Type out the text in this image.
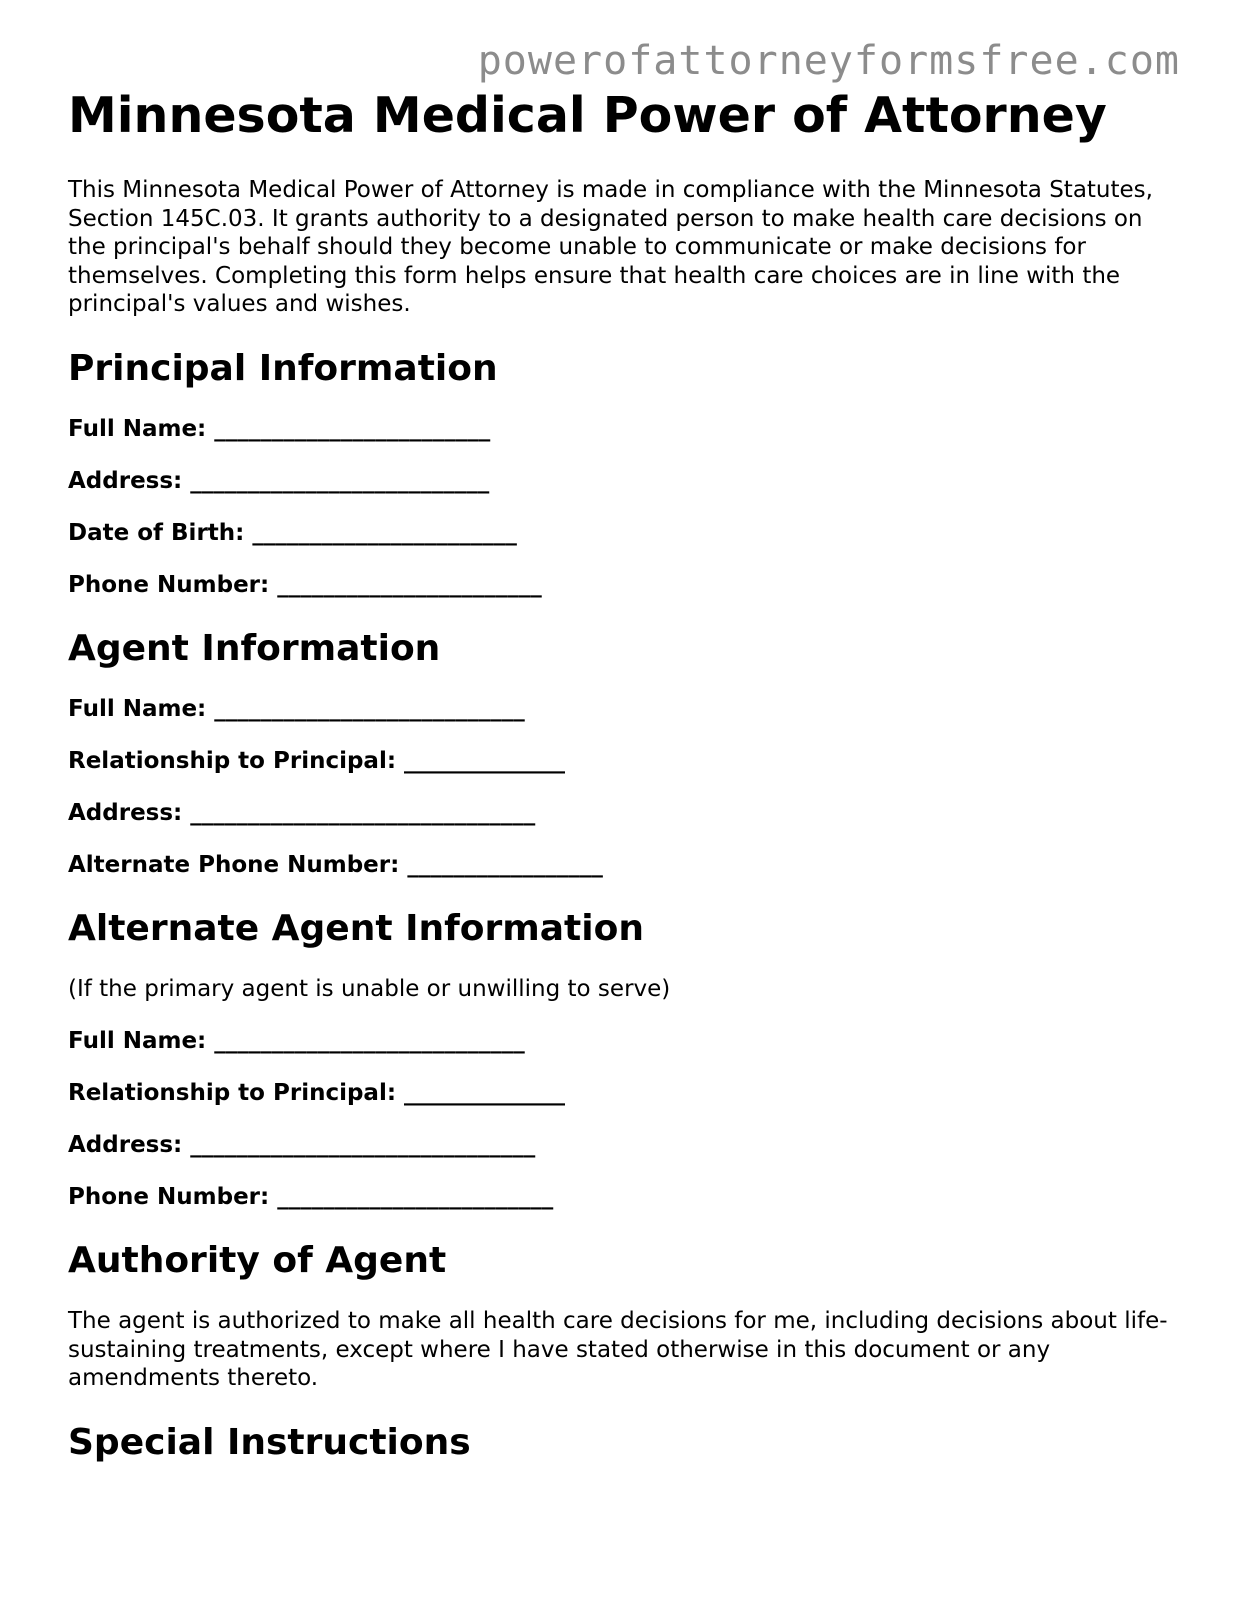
powerofattorneyformsfree.com

Minnesota Medical Power of Attorney

This Minnesota Medical Power of Attorney is made in compliance with the Minnesota Statutes, Section 145C.03. It grants authority to a designated person to make health care decisions on the principal's behalf should they become unable to communicate or make decisions for themselves. Completing this form helps ensure that health care choices are in line with the principal's values and wishes.

Principal Information

Full Name: ________________________

Address: __________________________

Date of Birth: _______________________

Phone Number: _______________________

Agent Information

Full Name: ___________________________

Relationship to Principal: ______________

Address: ______________________________

Alternate Phone Number: _________________

Alternate Agent Information

(If the primary agent is unable or unwilling to serve)

Full Name: ___________________________

Relationship to Principal: ______________

Address: ______________________________

Phone Number: ________________________

Authority of Agent

The agent is authorized to make all health care decisions for me, including decisions about life-sustaining treatments, except where I have stated otherwise in this document or any amendments thereto.

Special Instructions
